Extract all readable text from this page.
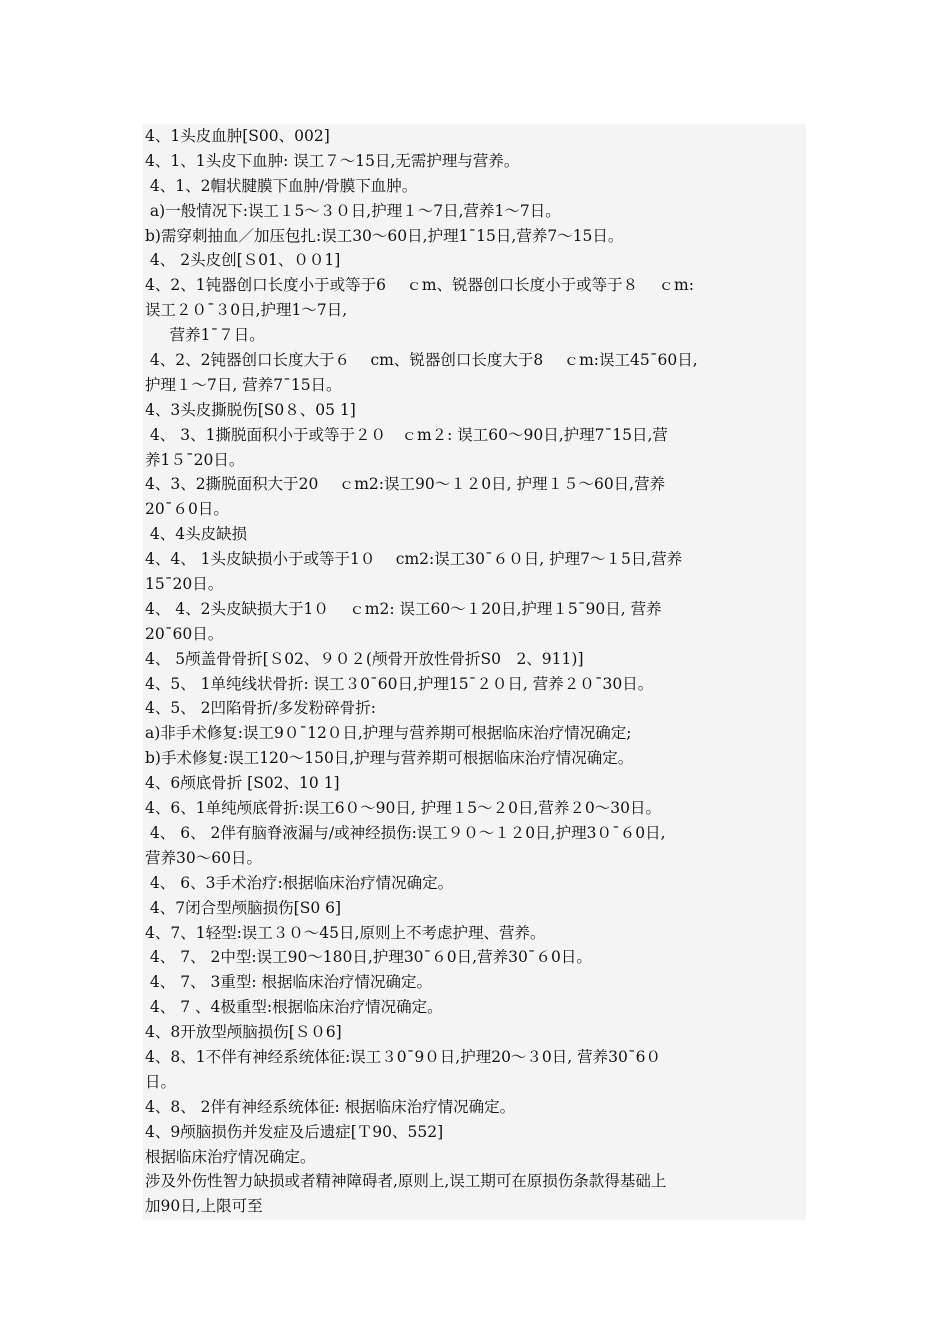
4、1头皮血肿[S00、002]
4、1、1头皮下血肿: 误工７～15日,无需护理与营养。
4、1、2帽状腱膜下血肿/骨膜下血肿。
a)一般情况下:误工１5～３０日,护理１～7日,营养1～7日。
b)需穿刺抽血／加压包扎:误工30～60日,护理1¯15日,营养7～15日。
4、 2头皮创[Ｓ01、００1]
4、2、1钝器创口长度小于或等于6　 ｃm、锐器创口长度小于或等于８　 ｃm:
误工２０¯３0日,护理1～7日,
营养1¯７日。
4、2、2钝器创口长度大于６　 cm、锐器创口长度大于8　 ｃm:误工45¯60日,
护理１～7日, 营养7¯15日。
4、3头皮撕脱伤[S0８、05 1]
4、 3、1撕脱面积小于或等于２０　ｃm２: 误工60～90日,护理7¯15日,营
养1５¯20日。
4、3、2撕脱面积大于20　 ｃm2:误工90～１２0日, 护理１５～60日,营养
20¯６0日。
4、4头皮缺损
4、4、 1头皮缺损小于或等于1０　 cm2:误工30¯６０日, 护理7～１5日,营养
15¯20日。
4、 4、2头皮缺损大于1０　 ｃm2: 误工60～１20日,护理１5¯90日, 营养
20¯60日。
4、 5颅盖骨骨折[Ｓ02、９０２(颅骨开放性骨折S0　2、911)]
4、5、 1单纯线状骨折: 误工３0¯60日,护理15¯２０日, 营养２０¯30日。
4、5、 2凹陷骨折/多发粉碎骨折:
a)非手术修复:误工9０¯12０日,护理与营养期可根据临床治疗情况确定;
b)手术修复:误工120～150日,护理与营养期可根据临床治疗情况确定。
4、6颅底骨折 [S02、10 1]
4、6、1单纯颅底骨折:误工6０～90日, 护理１5～２0日,营养２0～30日。
4、 6、 2伴有脑脊液漏与/或神经损伤:误工９０～１２0日,护理3０¯６0日,
营养30～60日。
4、 6、3手术治疗:根据临床治疗情况确定。
4、7闭合型颅脑损伤[S0 6]
4、7、1轻型:误工３０～45日,原则上不考虑护理、营养。
4、 7、 2中型:误工90～180日,护理30¯６0日,营养30¯６0日。
4、 7、 3重型: 根据临床治疗情况确定。
4、 7 、4极重型:根据临床治疗情况确定。
4、8开放型颅脑损伤[Ｓ０6]
4、8、1不伴有神经系统体征:误工３0¯9０日,护理20～３0日, 营养30¯6０
日。
4、8、 2伴有神经系统体征: 根据临床治疗情况确定。
4、9颅脑损伤并发症及后遗症[Ｔ90、552]
根据临床治疗情况确定。
涉及外伤性智力缺损或者精神障碍者,原则上,误工期可在原损伤条款得基础上
加90日,上限可至
